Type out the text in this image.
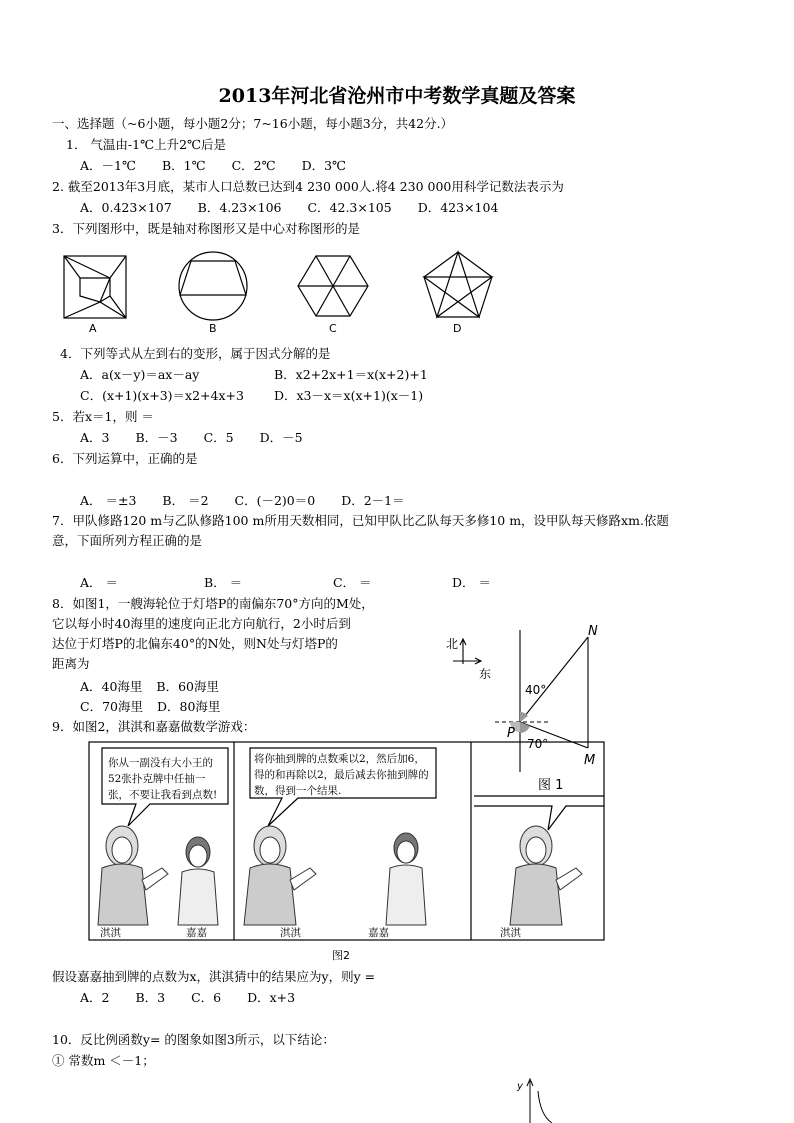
2013年河北省沧州市中考数学真题及答案
一、选择题（~6小题，每小题2分；7~16小题，每小题3分，共42分.）
1． 气温由-1℃上升2℃后是
A．－1℃ B．1℃ C．2℃ D．3℃
2. 截至2013年3月底，某市人口总数已达到4 230 000人.将4 230 000用科学记数法表示为
A．0.423×107 B．4.23×106 C．42.3×105 D．423×104
3．下列图形中，既是轴对称图形又是中心对称图形的是
A	B	C	D
4．下列等式从左到右的变形，属于因式分解的是
A．a(x－y)＝ax－ay	B．x2+2x+1＝x(x+2)+1
C．(x+1)(x+3)＝x2+4x+3 D．x3－x＝x(x+1)(x－1)
5．若x＝1，则 ＝
A．3 B．－3 C．5 D．－5
6．下列运算中，正确的是
A． ＝±3 B． ＝2 C．(－2)0＝0 D．2－1＝
7．甲队修路120 m与乙队修路100 m所用天数相同，已知甲队比乙队每天多修10 m，设甲队每天修路xm.依题
意，下面所列方程正确的是
A． ＝	B． ＝	C． ＝	D． ＝
8．如图1，一艘海轮位于灯塔P的南偏东70°方向的M处，
它以每小时40海里的速度向正北方向航行，2小时后到
达位于灯塔P的北偏东40°的N处，则N处与灯塔P的
距离为
A．40海里 B．60海里
C．70海里 D．80海里
北
东
N
P
M
40°
70°
图 1
9．如图2，淇淇和嘉嘉做数学游戏：
你从一副没有大小王的
52张扑克牌中任抽一
张，不要让我看到点数!
将你抽到牌的点数乘以2，然后加6，
得的和再除以2，最后减去你抽到牌的
数，得到一个结果.
淇淇	嘉嘉	淇淇	嘉嘉	淇淇
图2
假设嘉嘉抽到牌的点数为x，淇淇猜中的结果应为y，则y =
A．2 B．3 C．6 D．x+3
10．反比例函数y= 的图象如图3所示，以下结论：
① 常数m ＜－1；
y
